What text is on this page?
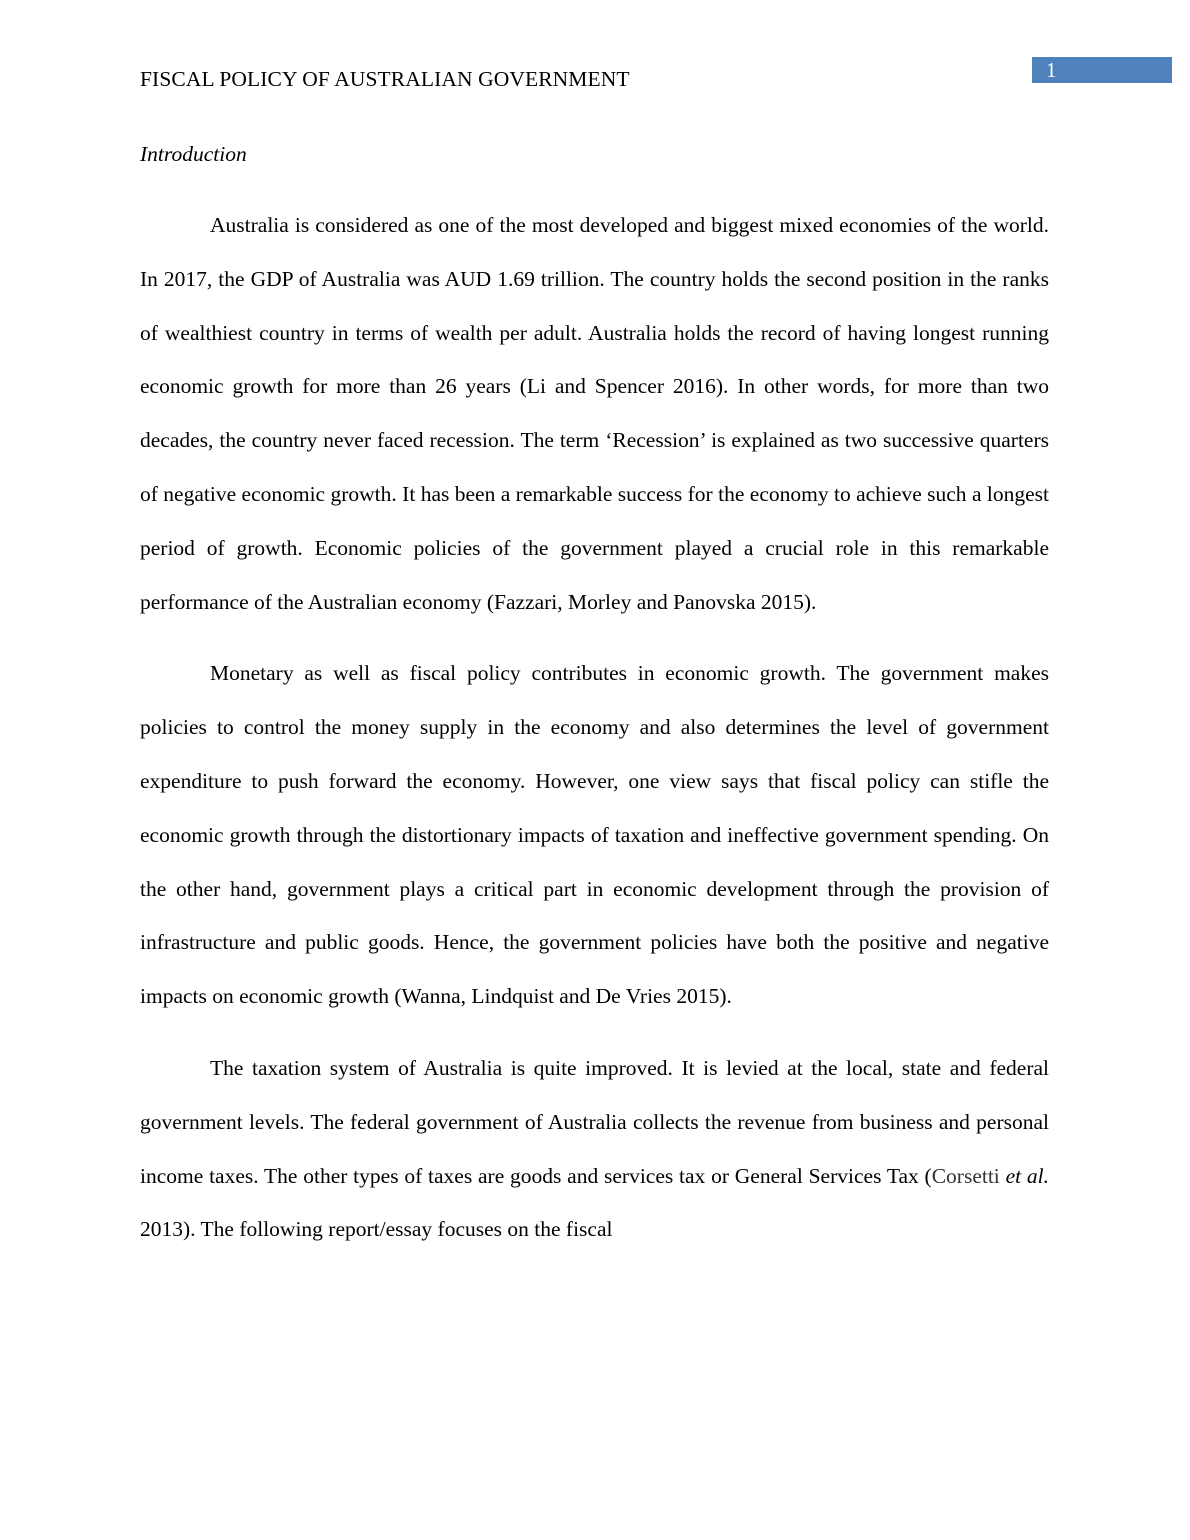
1
FISCAL POLICY OF AUSTRALIAN GOVERNMENT
Introduction

Australia is considered as one of the most developed and biggest mixed economies of the world. In 2017, the GDP of Australia was AUD 1.69 trillion. The country holds the second position in the ranks of wealthiest country in terms of wealth per adult. Australia holds the record of having longest running economic growth for more than 26 years (Li and Spencer 2016). In other words, for more than two decades, the country never faced recession. The term ‘Recession’ is explained as two successive quarters of negative economic growth. It has been a remarkable success for the economy to achieve such a longest period of growth. Economic policies of the government played a crucial role in this remarkable performance of the Australian economy (Fazzari, Morley and Panovska 2015).

Monetary as well as fiscal policy contributes in economic growth. The government makes policies to control the money supply in the economy and also determines the level of government expenditure to push forward the economy. However, one view says that fiscal policy can stifle the economic growth through the distortionary impacts of taxation and ineffective government spending. On the other hand, government plays a critical part in economic development through the provision of infrastructure and public goods. Hence, the government policies have both the positive and negative impacts on economic growth (Wanna, Lindquist and De Vries 2015).

The taxation system of Australia is quite improved. It is levied at the local, state and federal government levels. The federal government of Australia collects the revenue from business and personal income taxes. The other types of taxes are goods and services tax or General Services Tax (Corsetti et al. 2013). The following report/essay focuses on the fiscal
